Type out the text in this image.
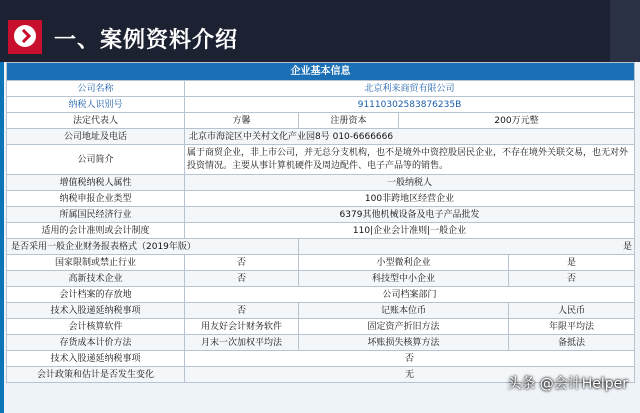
一、案例资料介绍
企业基本信息				
公司名称	北京利来商贸有限公司			
纳税人识别号	91110302583876235B			
法定代表人	方馨	注册资本	200万元整	
公司地址及电话	北京市海淀区中关村文化产业园8号 010-6666666			
公司简介	属于商贸企业，非上市公司，并无总分支机构，也不是境外中资控股居民企业，不存在境外关联交易，也无对外投资情况。主要从事计算机硬件及周边配件、电子产品等的销售。			
增值税纳税人属性	一般纳税人			
纳税申报企业类型	100非跨地区经营企业			
所属国民经济行业	6379其他机械设备及电子产品批发			
适用的会计准则或会计制度	110|企业会计准则|一般企业			
是否采用一般企业财务报表格式（2019年版）		是		
国家限制或禁止行业	否	小型微利企业		是
高新技术企业	否	科技型中小企业		否
会计档案的存放地	公司档案部门			
技术入股递延纳税事项	否	记账本位币		人民币
会计核算软件	用友好会计财务软件	固定资产折旧方法		年限平均法
存货成本计价方法	月末一次加权平均法	坏账损失核算方法		备抵法
技术入股递延纳税事项	否			
会计政策和估计是否发生变化	无			
头条 @会计Helper
